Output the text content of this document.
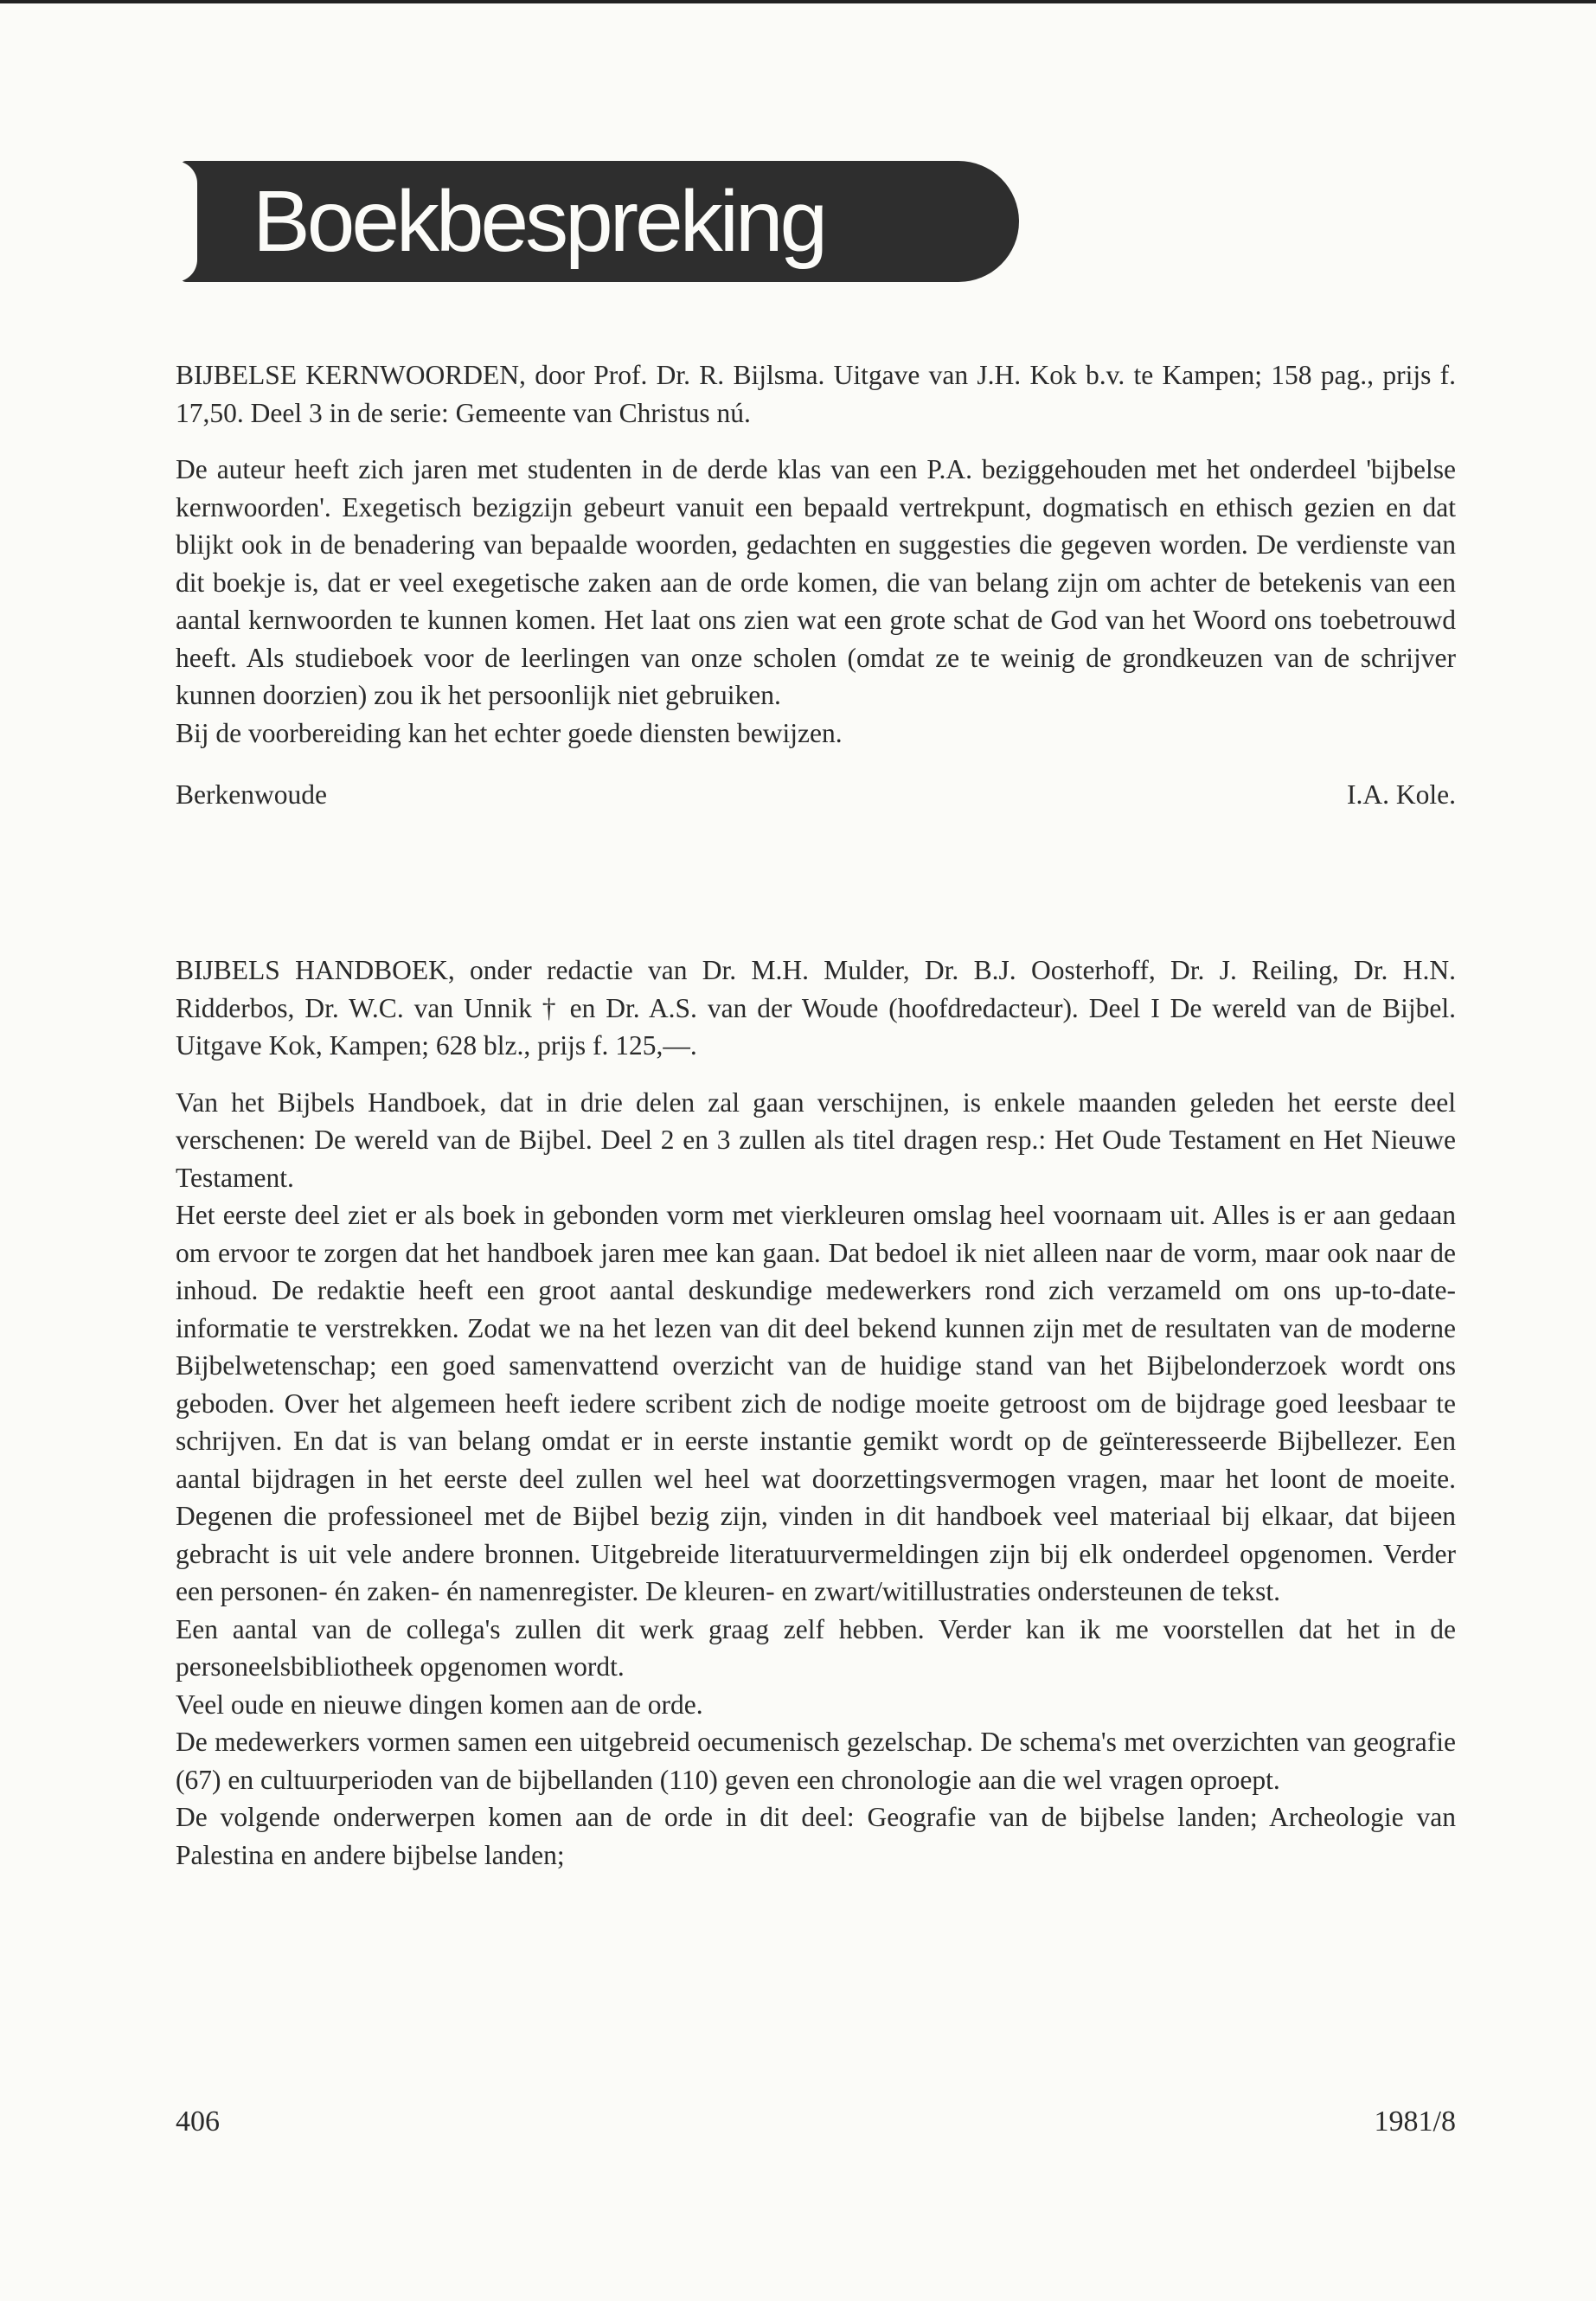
Boekbespreking

BIJBELSE KERNWOORDEN, door Prof. Dr. R. Bijlsma. Uitgave van J.H. Kok b.v. te Kampen; 158 pag., prijs f. 17,50. Deel 3 in de serie: Gemeente van Christus nú.

De auteur heeft zich jaren met studenten in de derde klas van een P.A. beziggehouden met het onderdeel 'bijbelse kernwoorden'. Exegetisch bezigzijn gebeurt vanuit een bepaald vertrekpunt, dogmatisch en ethisch gezien en dat blijkt ook in de benadering van bepaalde woorden, gedachten en suggesties die gegeven worden. De verdienste van dit boekje is, dat er veel exegetische zaken aan de orde komen, die van belang zijn om achter de betekenis van een aantal kernwoorden te kunnen komen. Het laat ons zien wat een grote schat de God van het Woord ons toebetrouwd heeft. Als studieboek voor de leerlingen van onze scholen (omdat ze te weinig de grondkeuzen van de schrijver kunnen doorzien) zou ik het persoonlijk niet gebruiken.

Bij de voorbereiding kan het echter goede diensten bewijzen.

Berkenwoude	I.A. Kole.

BIJBELS HANDBOEK, onder redactie van Dr. M.H. Mulder, Dr. B.J. Oosterhoff, Dr. J. Reiling, Dr. H.N. Ridderbos, Dr. W.C. van Unnik † en Dr. A.S. van der Woude (hoofdredacteur). Deel I De wereld van de Bijbel. Uitgave Kok, Kampen; 628 blz., prijs f. 125,—.

Van het Bijbels Handboek, dat in drie delen zal gaan verschijnen, is enkele maanden geleden het eerste deel verschenen: De wereld van de Bijbel. Deel 2 en 3 zullen als titel dragen resp.: Het Oude Testament en Het Nieuwe Testament.

Het eerste deel ziet er als boek in gebonden vorm met vierkleuren omslag heel voornaam uit. Alles is er aan gedaan om ervoor te zorgen dat het handboek jaren mee kan gaan. Dat bedoel ik niet alleen naar de vorm, maar ook naar de inhoud. De redaktie heeft een groot aantal deskundige medewerkers rond zich verzameld om ons up-to-date-informatie te verstrekken. Zodat we na het lezen van dit deel bekend kunnen zijn met de resultaten van de moderne Bijbelwetenschap; een goed samenvattend overzicht van de huidige stand van het Bijbelonderzoek wordt ons geboden. Over het algemeen heeft iedere scribent zich de nodige moeite getroost om de bijdrage goed leesbaar te schrijven. En dat is van belang omdat er in eerste instantie gemikt wordt op de geïnteresseerde Bijbellezer. Een aantal bijdragen in het eerste deel zullen wel heel wat doorzettingsvermogen vragen, maar het loont de moeite. Degenen die professioneel met de Bijbel bezig zijn, vinden in dit handboek veel materiaal bij elkaar, dat bijeen gebracht is uit vele andere bronnen. Uitgebreide literatuurvermeldingen zijn bij elk onderdeel opgenomen. Verder een personen- én zaken- én namenregister. De kleuren- en zwart/witillustraties ondersteunen de tekst.

Een aantal van de collega's zullen dit werk graag zelf hebben. Verder kan ik me voorstellen dat het in de personeelsbibliotheek opgenomen wordt.

Veel oude en nieuwe dingen komen aan de orde.

De medewerkers vormen samen een uitgebreid oecumenisch gezelschap. De schema's met overzichten van geografie (67) en cultuurperioden van de bijbellanden (110) geven een chronologie aan die wel vragen oproept.

De volgende onderwerpen komen aan de orde in dit deel: Geografie van de bijbelse landen; Archeologie van Palestina en andere bijbelse landen;

406	1981/8
